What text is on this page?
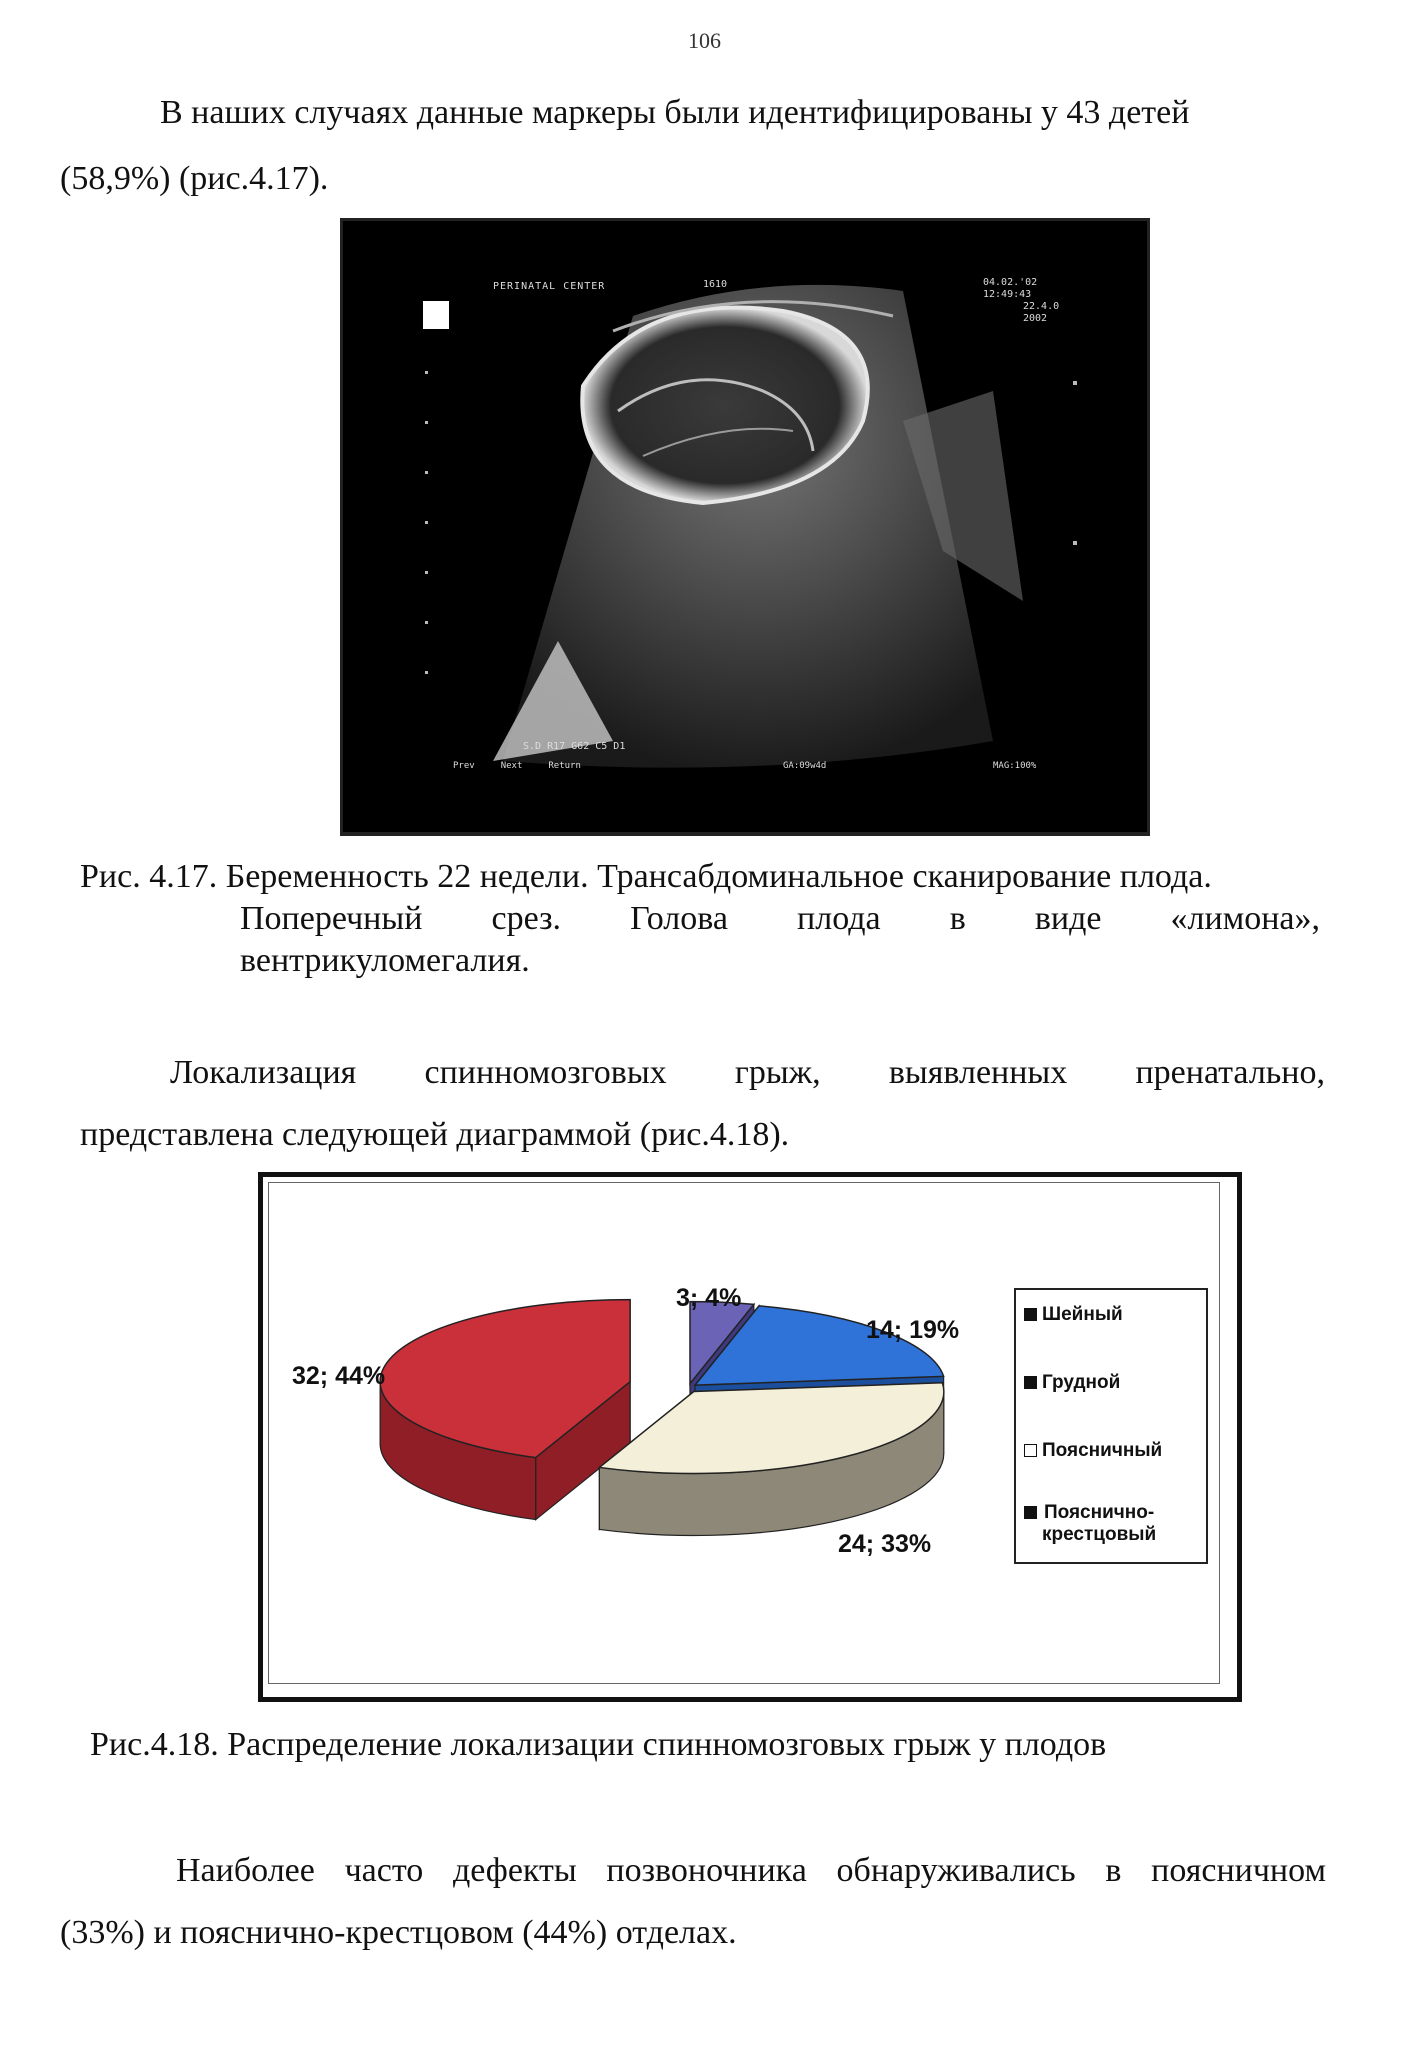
106
В наших случаях данные маркеры были идентифицированы у 43 детей
(58,9%) (рис.4.17).
PERINATAL CENTER	1610	04.02.'02
12:49:43
22.4.0
2002
S.D R17 G62 C5 D1
Prev	Next	Return	GA:09w4d	MAG:100%
Рис. 4.17. Беременность 22 недели. Трансабдоминальное сканирование плода.
Поперечный срез. Голова плода в виде «лимона»,
вентрикуломегалия.
Локализация спинномозговых грыж, выявленных пренатально,
представлена следующей диаграммой (рис.4.18).
3; 4%
14; 19%
24; 33%
32; 44%
Шейный
Грудной
Поясничный
Пояснично-
крестцовый
Рис.4.18. Распределение локализации спинномозговых грыж у плодов
Наиболее часто дефекты позвоночника обнаруживались в поясничном
(33%) и пояснично-крестцовом (44%) отделах.
